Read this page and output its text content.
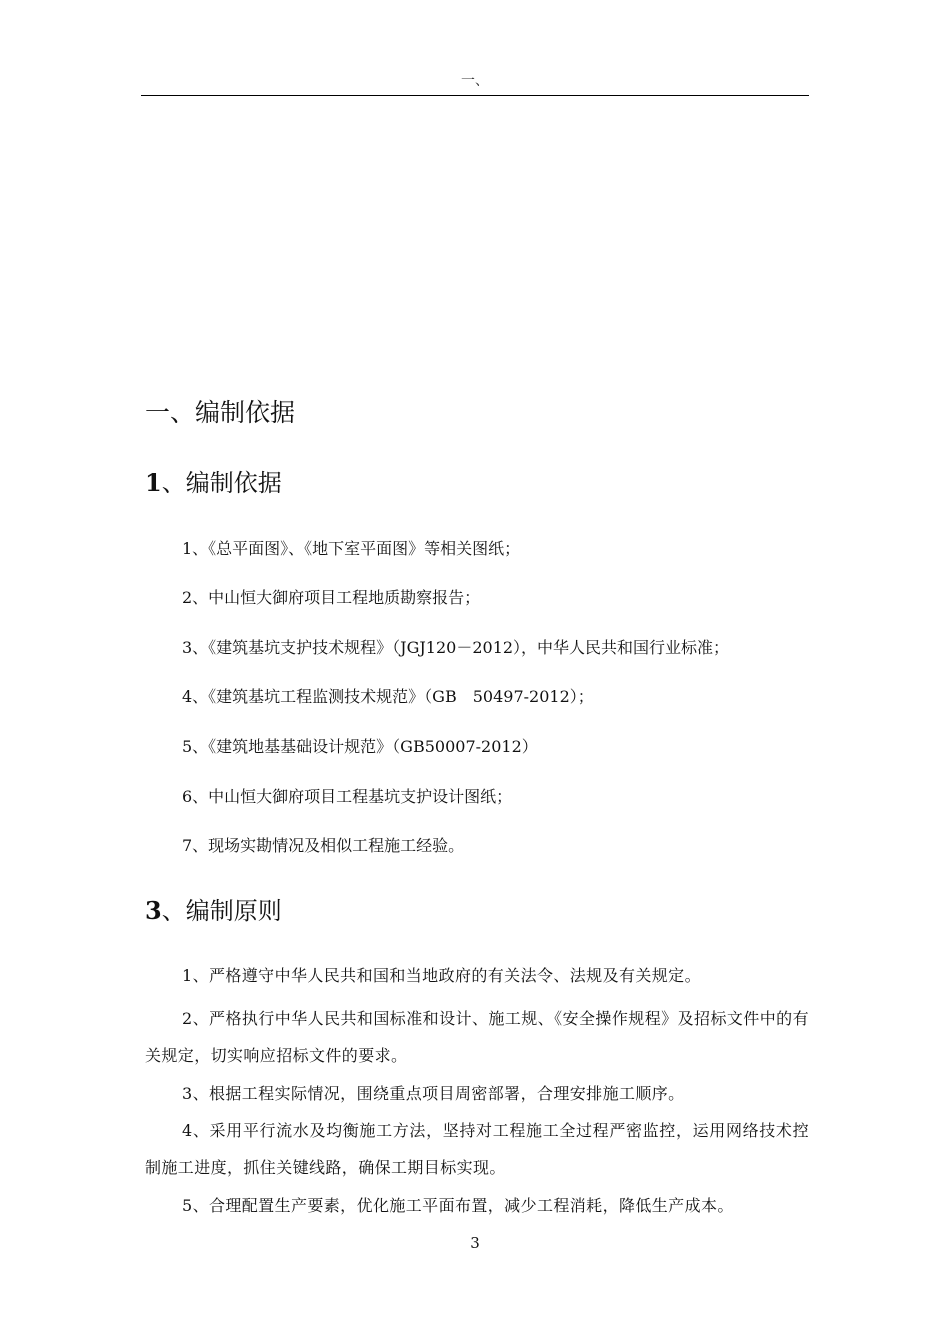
一、
一、编制依据
1、编制依据
1、《总平面图》、《地下室平面图》等相关图纸；
2、中山恒大御府项目工程地质勘察报告；
3、《建筑基坑支护技术规程》（JGJ120－2012），中华人民共和国行业标准；
4、《建筑基坑工程监测技术规范》（GB　50497-2012）；
5、《建筑地基基础设计规范》（GB50007-2012）
6、中山恒大御府项目工程基坑支护设计图纸；
7、现场实勘情况及相似工程施工经验。
3、编制原则
1、严格遵守中华人民共和国和当地政府的有关法令、法规及有关规定。
2、严格执行中华人民共和国标准和设计、施工规、《安全操作规程》及招标文件中的有关规定，切实响应招标文件的要求。
3、根据工程实际情况，围绕重点项目周密部署，合理安排施工顺序。
4、采用平行流水及均衡施工方法，坚持对工程施工全过程严密监控，运用网络技术控制施工进度，抓住关键线路，确保工期目标实现。
5、合理配置生产要素，优化施工平面布置，减少工程消耗，降低生产成本。
3
